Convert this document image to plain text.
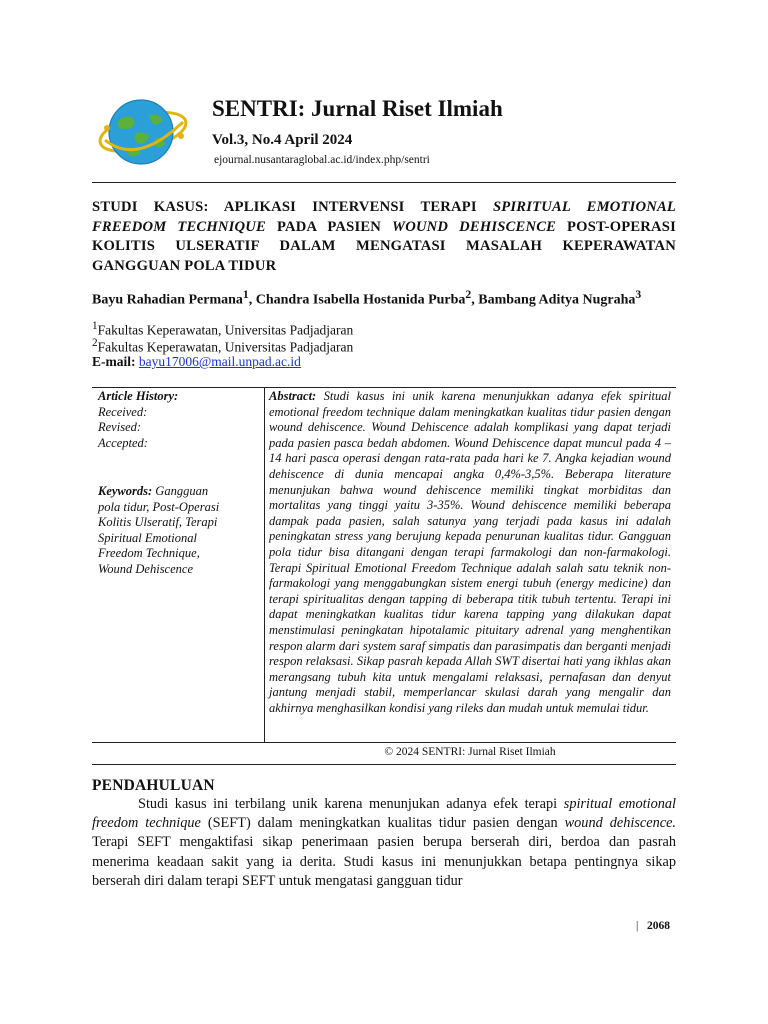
SENTRI: Jurnal Riset Ilmiah
Vol.3, No.4 April 2024
ejournal.nusantaraglobal.ac.id/index.php/sentri
STUDI KASUS: APLIKASI INTERVENSI TERAPI SPIRITUAL EMOTIONAL FREEDOM TECHNIQUE PADA PASIEN WOUND DEHISCENCE POST-OPERASI KOLITIS ULSERATIF DALAM MENGATASI MASALAH KEPERAWATAN GANGGUAN POLA TIDUR
Bayu Rahadian Permana$^1$, Chandra Isabella Hostanida Purba$^2$, Bambang Aditya Nugraha$^3$
$^1$Fakultas Keperawatan, Universitas Padjadjaran
$^2$Fakultas Keperawatan, Universitas Padjadjaran
E-mail: bayu17006@mail.unpad.ac.id
Article History:
Received:
Revised:
Accepted:
Keywords: Gangguan pola tidur, Post-Operasi Kolitis Ulseratif, Terapi Spiritual Emotional Freedom Technique, Wound Dehiscence
Abstract: Studi kasus ini unik karena menunjukkan adanya efek spiritual emotional freedom technique dalam meningkatkan kualitas tidur pasien dengan wound dehiscence. Wound Dehiscence adalah komplikasi yang dapat terjadi pada pasien pasca bedah abdomen. Wound Dehiscence dapat muncul pada 4 – 14 hari pasca operasi dengan rata-rata pada hari ke 7. Angka kejadian wound dehiscence di dunia mencapai angka 0,4%-3,5%. Beberapa literature menunjukan bahwa wound dehiscence memiliki tingkat morbiditas dan mortalitas yang tinggi yaitu 3-35%. Wound dehiscence memiliki beberapa dampak pada pasien, salah satunya yang terjadi pada kasus ini adalah peningkatan stress yang berujung kepada penurunan kualitas tidur. Gangguan pola tidur bisa ditangani dengan terapi farmakologi dan non-farmakologi. Terapi Spiritual Emotional Freedom Technique adalah salah satu teknik non-farmakologi yang menggabungkan sistem energi tubuh (energy medicine) dan terapi spiritualitas dengan tapping di beberapa titik tubuh tertentu. Terapi ini dapat meningkatkan kualitas tidur karena tapping yang dilakukan dapat menstimulasi peningkatan hipotalamic pituitary adrenal yang menghentikan respon alarm dari system saraf simpatis dan parasimpatis dan berganti menjadi respon relaksasi. Sikap pasrah kepada Allah SWT disertai hati yang ikhlas akan merangsang tubuh kita untuk mengalami relaksasi, pernafasan dan denyut jantung menjadi stabil, memperlancar skulasi darah yang mengalir dan akhirnya menghasilkan kondisi yang rileks dan mudah untuk memulai tidur.
© 2024 SENTRI: Jurnal Riset Ilmiah
PENDAHULUAN
Studi kasus ini terbilang unik karena menunjukan adanya efek terapi spiritual emotional freedom technique (SEFT) dalam meningkatkan kualitas tidur pasien dengan wound dehiscence. Terapi SEFT mengaktifasi sikap penerimaan pasien berupa berserah diri, berdoa dan pasrah menerima keadaan sakit yang ia derita. Studi kasus ini menunjukkan betapa pentingnya sikap berserah diri dalam terapi SEFT untuk mengatasi gangguan tidur
| 2068
